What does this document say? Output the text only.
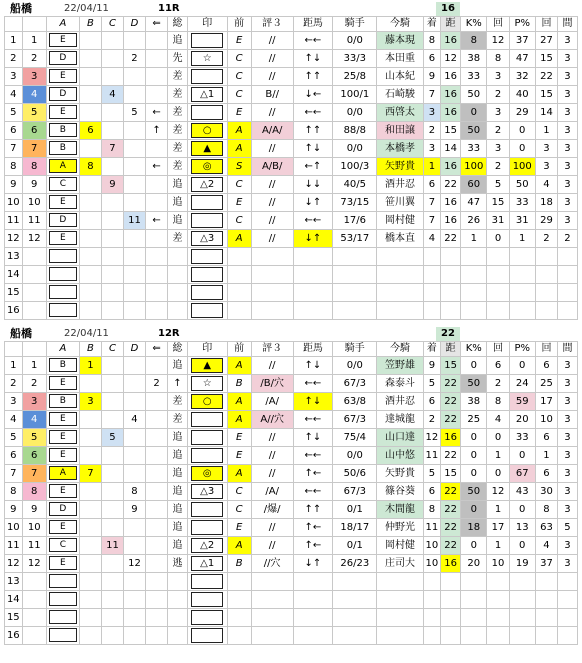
船橋	22/04/11	11R	16
		A	B	C	D	⇐	総	印	前	評３	距馬	騎手	今騎	着	距	K%	回	P%	回	間
1	1	E					追		E	//	←←	0/0	藤本現	8	16	8	12	37	27	3
2	2	D			2		先	☆	C	//	↑↓	33/3	本田重	6	12	38	8	47	15	3
3	3	E					差		C	//	↑↑	25/8	山本紀	9	16	33	3	32	22	3
4	4	D		4			差	△1	C	B//	↓←	100/1	石崎駿	7	16	50	2	40	15	3
5	5	E			5	←	差		E	//	←←	0/0	西啓太	3	16	0	3	29	14	3
6	6	B	6			↑	差	○	A	A/A/	↑↑	88/8	和田譲	2	15	50	2	0	1	3
7	7	B		7			差	▲	A	//	↑↓	0/0	本橋孝	3	14	33	3	0	3	3
8	8	A	8			←	差	◎	S	A/B/	←↑	100/3	矢野貴	1	16	100	2	100	3	3
9	9	C		9			追	△2	C	//	↓↓	40/5	酒井忍	6	22	60	5	50	4	3
10	10	E					追		E	//	↓↑	73/15	笹川翼	7	16	47	15	33	18	3
11	11	D			11	←	追		C	//	←←	17/6	岡村健	7	16	26	31	31	29	3
12	12	E					差	△3	A	//	↓↑	53/17	橋本直	4	22	1	0	1	2	2
13																				
14																				
15																				
16																				
船橋	22/04/11	12R	22
		A	B	C	D	⇐	総	印	前	評３	距馬	騎手	今騎	着	距	K%	回	P%	回	間
1	1	B	1				追	▲	A	//	↑↓	0/0	笠野雄	9	15	0	6	0	6	3
2	2	E				2	↑	☆	B	/B/穴	←←	67/3	森泰斗	5	22	50	2	24	25	3
3	3	B	3				差	○	A	/A/	↑↓	63/8	酒井忍	6	22	38	8	59	17	3
4	4	E			4		差		A	A//穴	←←	67/3	達城龍	2	22	25	4	20	10	3
5	5	E		5			追		E	//	↑↓	75/4	山口達	12	16	0	0	33	6	3
6	6	E					追		E	//	←←	0/0	山中悠	11	22	0	1	0	1	3
7	7	A	7				追	◎	A	//	↑←	50/6	矢野貴	5	15	0	0	67	6	3
8	8	E			8		追	△3	C	/A/	←←	67/3	篠谷葵	6	22	50	12	43	30	3
9	9	D			9		追		C	/爆/	↑↑	0/1	木間龍	8	22	0	1	0	8	3
10	10	E					追		E	//	↑←	18/17	仲野光	11	22	18	17	13	63	5
11	11	C		11			追	△2	A	//	↑←	0/1	岡村健	10	22	0	1	0	4	3
12	12	E			12		逃	△1	B	//穴	↓↑	26/23	庄司大	10	16	20	10	19	37	3
13																				
14																				
15																				
16																				
